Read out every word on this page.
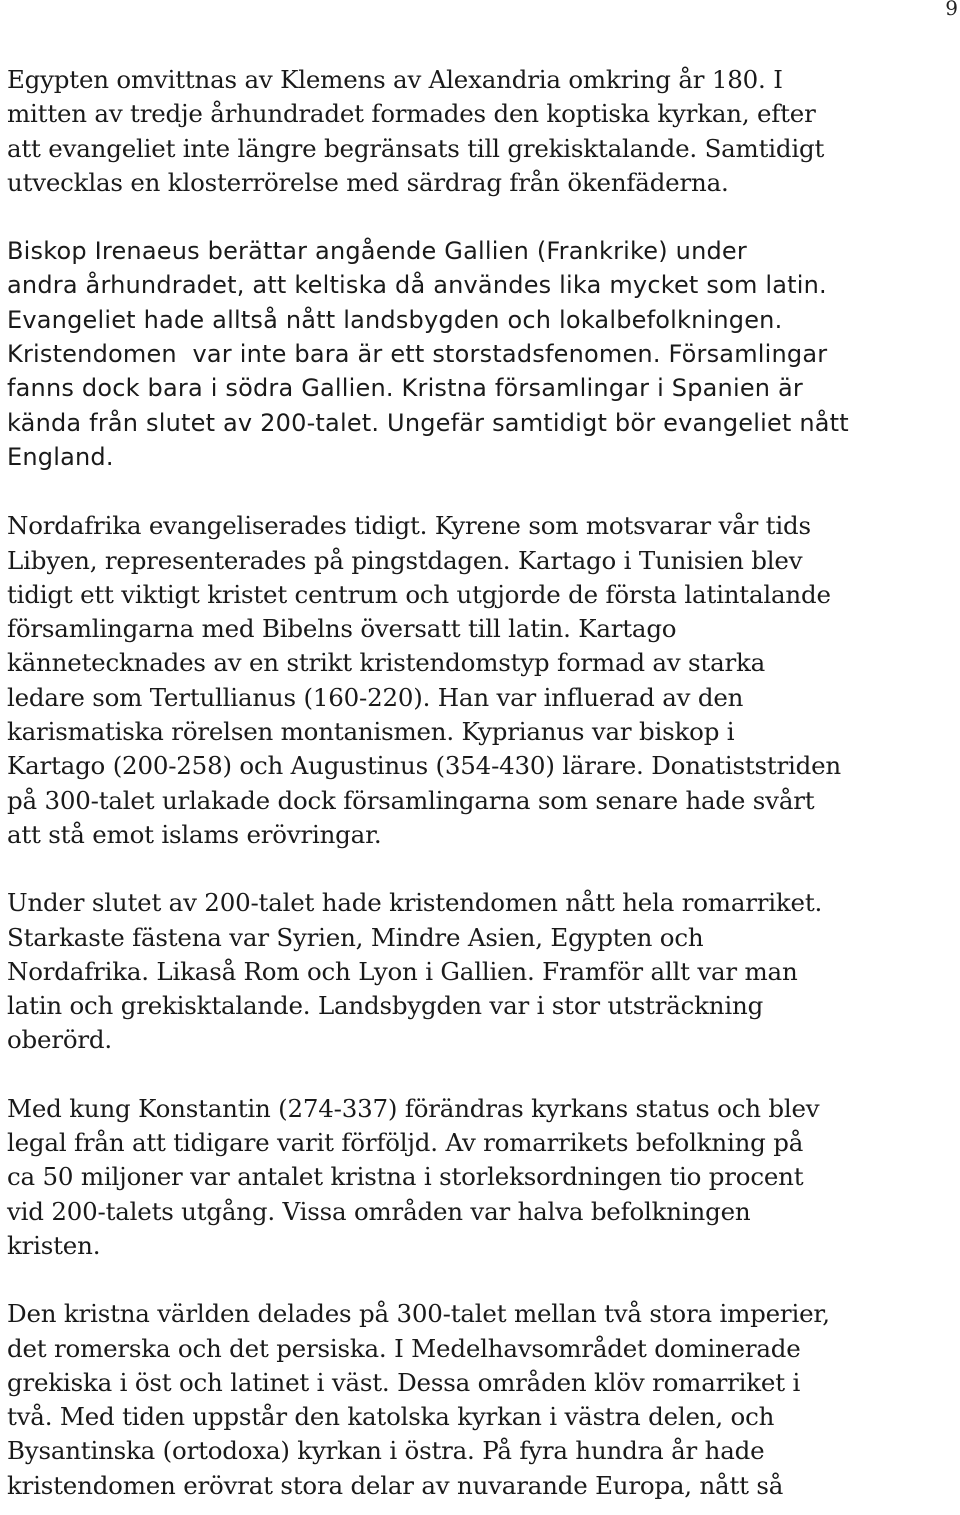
9

Egypten omvittnas av Klemens av Alexandria omkring år 180. I
mitten av tredje århundradet formades den koptiska kyrkan, efter
att evangeliet inte längre begränsats till grekisktalande. Samtidigt
utvecklas en klosterrörelse med särdrag från ökenfäderna.

Biskop Irenaeus berättar angående Gallien (Frankrike) under
andra århundradet, att keltiska då användes lika mycket som latin.
Evangeliet hade alltså nått landsbygden och lokalbefolkningen.
Kristendomen  var inte bara är ett storstadsfenomen. Församlingar
fanns dock bara i södra Gallien. Kristna församlingar i Spanien är
kända från slutet av 200-talet. Ungefär samtidigt bör evangeliet nått
England.

Nordafrika evangeliserades tidigt. Kyrene som motsvarar vår tids
Libyen, representerades på pingstdagen. Kartago i Tunisien blev
tidigt ett viktigt kristet centrum och utgjorde de första latintalande
församlingarna med Bibelns översatt till latin. Kartago
kännetecknades av en strikt kristendomstyp formad av starka
ledare som Tertullianus (160-220). Han var influerad av den
karismatiska rörelsen montanismen. Kyprianus var biskop i
Kartago (200-258) och Augustinus (354-430) lärare. Donatiststriden
på 300-talet urlakade dock församlingarna som senare hade svårt
att stå emot islams erövringar.

Under slutet av 200-talet hade kristendomen nått hela romarriket.
Starkaste fästena var Syrien, Mindre Asien, Egypten och
Nordafrika. Likaså Rom och Lyon i Gallien. Framför allt var man
latin och grekisktalande. Landsbygden var i stor utsträckning
oberörd.

Med kung Konstantin (274-337) förändras kyrkans status och blev
legal från att tidigare varit förföljd. Av romarrikets befolkning på
ca 50 miljoner var antalet kristna i storleksordningen tio procent
vid 200-talets utgång. Vissa områden var halva befolkningen
kristen.

Den kristna världen delades på 300-talet mellan två stora imperier,
det romerska och det persiska. I Medelhavsområdet dominerade
grekiska i öst och latinet i väst. Dessa områden klöv romarriket i
två. Med tiden uppstår den katolska kyrkan i västra delen, och
Bysantinska (ortodoxa) kyrkan i östra. På fyra hundra år hade
kristendomen erövrat stora delar av nuvarande Europa, nått så
